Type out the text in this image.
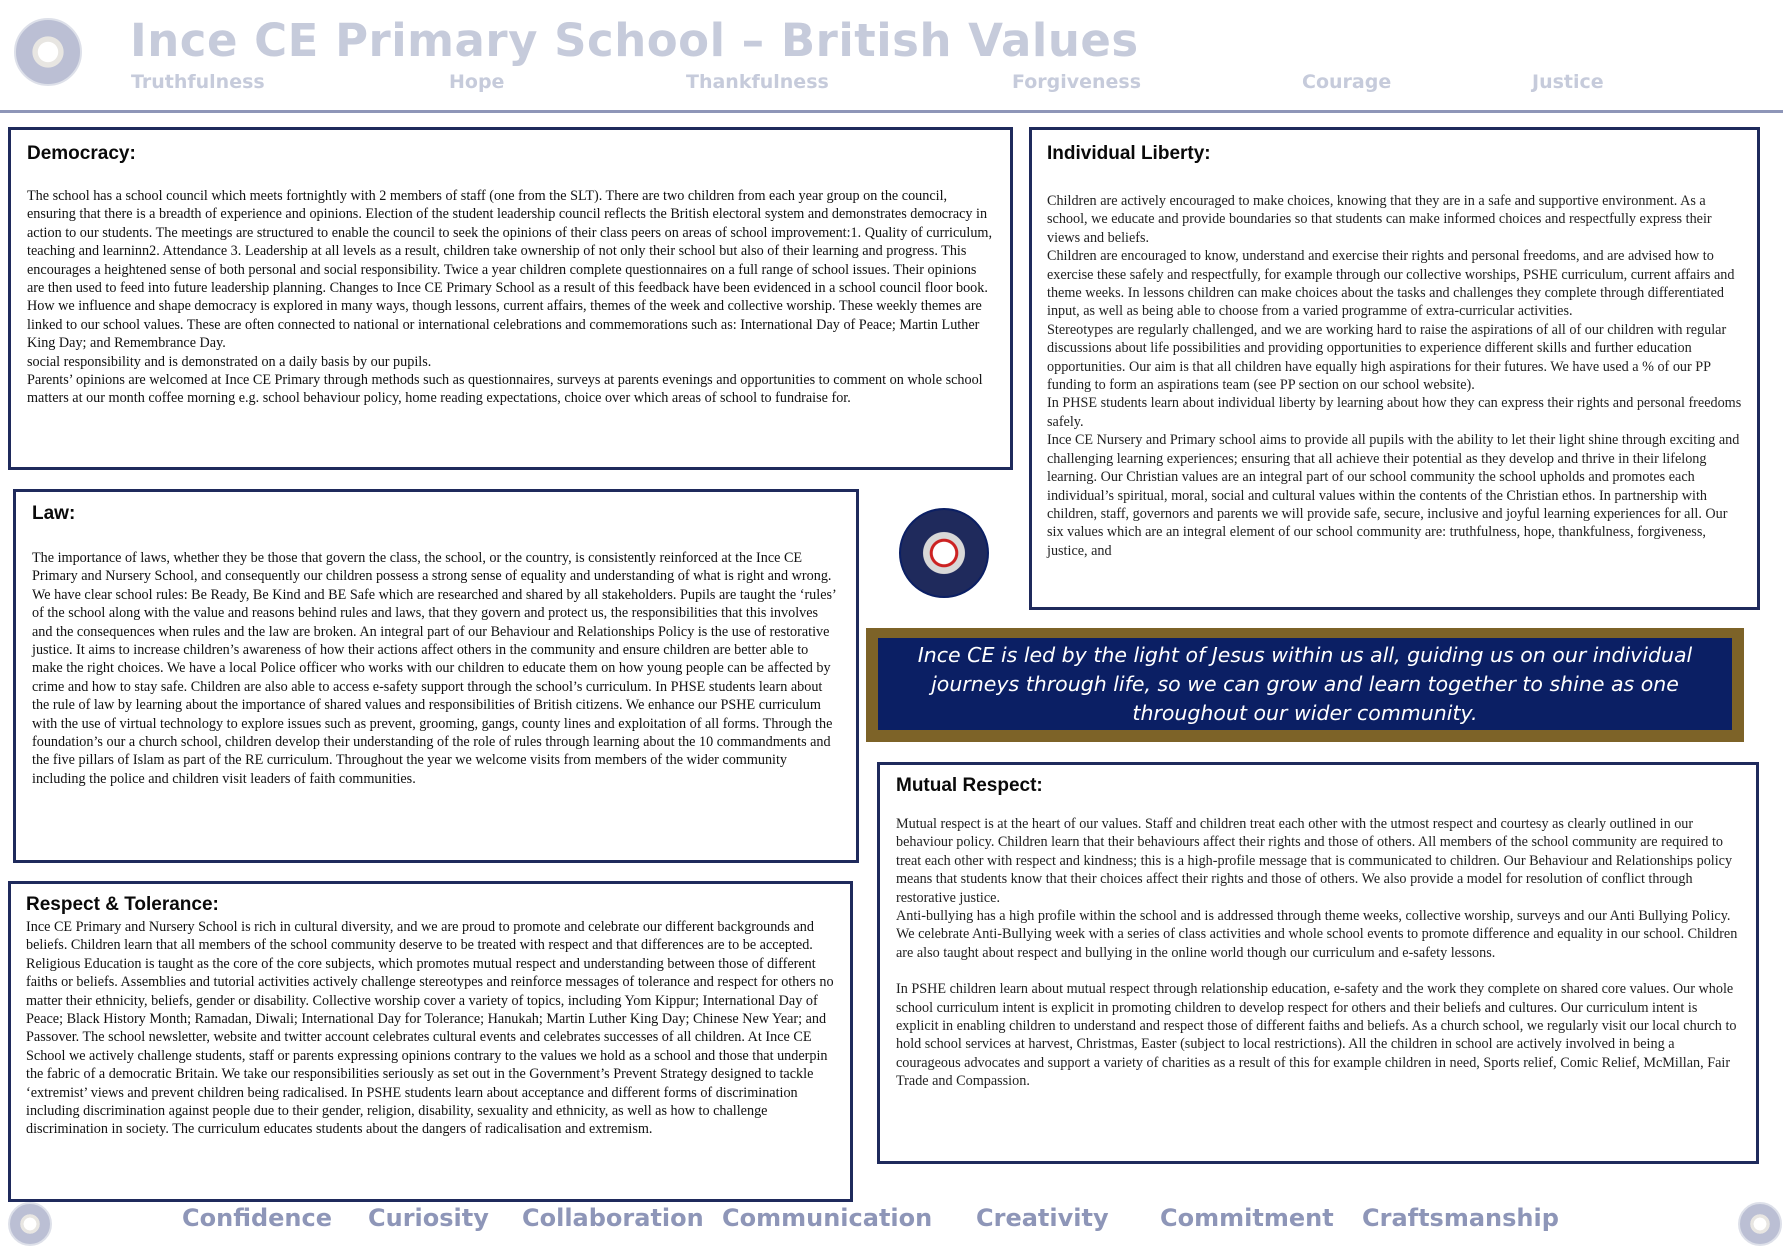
Ince CE Primary School – British Values
Truthfulness	Hope	Thankfulness	Forgiveness	Courage	Justice
Democracy:

The school has a school council which meets fortnightly with 2 members of staff (one from the SLT). There are two children from each year group on the council, ensuring that there is a breadth of experience and opinions. Election of the student leadership council reflects the British electoral system and demonstrates democracy in action to our students. The meetings are structured to enable the council to seek the opinions of their class peers on areas of school improvement:1. Quality of curriculum, teaching and learninn2. Attendance 3. Leadership at all levels as a result, children take ownership of not only their school but also of their learning and progress. This encourages a heightened sense of both personal and social responsibility. Twice a year children complete questionnaires on a full range of school issues. Their opinions are then used to feed into future leadership planning. Changes to Ince CE Primary School as a result of this feedback have been evidenced in a school council floor book.

How we influence and shape democracy is explored in many ways, though lessons, current affairs, themes of the week and collective worship. These weekly themes are linked to our school values. These are often connected to national or international celebrations and commemorations such as: International Day of Peace; Martin Luther King Day; and Remembrance Day.

social responsibility and is demonstrated on a daily basis by our pupils.

Parents’ opinions are welcomed at Ince CE Primary through methods such as questionnaires, surveys at parents evenings and opportunities to comment on whole school matters at our month coffee morning e.g. school behaviour policy, home reading expectations, choice over which areas of school to fundraise for.

Individual Liberty:

Children are actively encouraged to make choices, knowing that they are in a safe and supportive environment. As a school, we educate and provide boundaries so that students can make informed choices and respectfully express their views and beliefs.

Children are encouraged to know, understand and exercise their rights and personal freedoms, and are advised how to exercise these safely and respectfully, for example through our collective worships, PSHE curriculum, current affairs and theme weeks. In lessons children can make choices about the tasks and challenges they complete through differentiated input, as well as being able to choose from a varied programme of extra-curricular activities.

Stereotypes are regularly challenged, and we are working hard to raise the aspirations of all of our children with regular discussions about life possibilities and providing opportunities to experience different skills and further education opportunities. Our aim is that all children have equally high aspirations for their futures. We have used a % of our PP funding to form an aspirations team (see PP section on our school website).

In PHSE students learn about individual liberty by learning about how they can express their rights and personal freedoms safely.

Ince CE Nursery and Primary school aims to provide all pupils with the ability to let their light shine through exciting and challenging learning experiences; ensuring that all achieve their potential as they develop and thrive in their lifelong learning. Our Christian values are an integral part of our school community the school upholds and promotes each individual’s spiritual, moral, social and cultural values within the contents of the Christian ethos. In partnership with children, staff, governors and parents we will provide safe, secure, inclusive and joyful learning experiences for all. Our six values which are an integral element of our school community are: truthfulness, hope, thankfulness, forgiveness, justice, and

Law:

The importance of laws, whether they be those that govern the class, the school, or the country, is consistently reinforced at the Ince CE Primary and Nursery School, and consequently our children possess a strong sense of equality and understanding of what is right and wrong. We have clear school rules: Be Ready, Be Kind and BE Safe which are researched and shared by all stakeholders. Pupils are taught the ‘rules’ of the school along with the value and reasons behind rules and laws, that they govern and protect us, the responsibilities that this involves and the consequences when rules and the law are broken. An integral part of our Behaviour and Relationships Policy is the use of restorative justice. It aims to increase children’s awareness of how their actions affect others in the community and ensure children are better able to make the right choices. We have a local Police officer who works with our children to educate them on how young people can be affected by crime and how to stay safe. Children are also able to access e-safety support through the school’s curriculum. In PHSE students learn about the rule of law by learning about the importance of shared values and responsibilities of British citizens. We enhance our PSHE curriculum with the use of virtual technology to explore issues such as prevent, grooming, gangs, county lines and exploitation of all forms. Through the foundation’s our a church school, children develop their understanding of the role of rules through learning about the 10 commandments and the five pillars of Islam as part of the RE curriculum. Throughout the year we welcome visits from members of the wider community including the police and children visit leaders of faith communities.

Ince CE is led by the light of Jesus within us all, guiding us on our individual journeys through life, so we can grow and learn together to shine as one throughout our wider community.
Mutual Respect:

Mutual respect is at the heart of our values. Staff and children treat each other with the utmost respect and courtesy as clearly outlined in our behaviour policy. Children learn that their behaviours affect their rights and those of others. All members of the school community are required to treat each other with respect and kindness; this is a high-profile message that is communicated to children. Our Behaviour and Relationships policy means that students know that their choices affect their rights and those of others. We also provide a model for resolution of conflict through restorative justice.

Anti-bullying has a high profile within the school and is addressed through theme weeks, collective worship, surveys and our Anti Bullying Policy. We celebrate Anti-Bullying week with a series of class activities and whole school events to promote difference and equality in our school. Children are also taught about respect and bullying in the online world though our curriculum and e-safety lessons.

In PSHE children learn about mutual respect through relationship education, e-safety and the work they complete on shared core values. Our whole school curriculum intent is explicit in promoting children to develop respect for others and their beliefs and cultures. Our curriculum intent is explicit in enabling children to understand and respect those of different faiths and beliefs. As a church school, we regularly visit our local church to hold school services at harvest, Christmas, Easter (subject to local restrictions). All the children in school are actively involved in being a courageous advocates and support a variety of charities as a result of this for example children in need, Sports relief, Comic Relief, McMillan, Fair Trade and Compassion.

Respect & Tolerance:

Ince CE Primary and Nursery School is rich in cultural diversity, and we are proud to promote and celebrate our different backgrounds and beliefs. Children learn that all members of the school community deserve to be treated with respect and that differences are to be accepted. Religious Education is taught as the core of the core subjects, which promotes mutual respect and understanding between those of different faiths or beliefs. Assemblies and tutorial activities actively challenge stereotypes and reinforce messages of tolerance and respect for others no matter their ethnicity, beliefs, gender or disability. Collective worship cover a variety of topics, including Yom Kippur; International Day of Peace; Black History Month; Ramadan, Diwali; International Day for Tolerance; Hanukah; Martin Luther King Day; Chinese New Year; and Passover. The school newsletter, website and twitter account celebrates cultural events and celebrates successes of all children. At Ince CE School we actively challenge students, staff or parents expressing opinions contrary to the values we hold as a school and those that underpin the fabric of a democratic Britain. We take our responsibilities seriously as set out in the Government’s Prevent Strategy designed to tackle ‘extremist’ views and prevent children being radicalised. In PSHE students learn about acceptance and different forms of discrimination including discrimination against people due to their gender, religion, disability, sexuality and ethnicity, as well as how to challenge discrimination in society. The curriculum educates students about the dangers of radicalisation and extremism.

Confidence Curiosity Collaboration Communication Creativity Commitment Craftsmanship
